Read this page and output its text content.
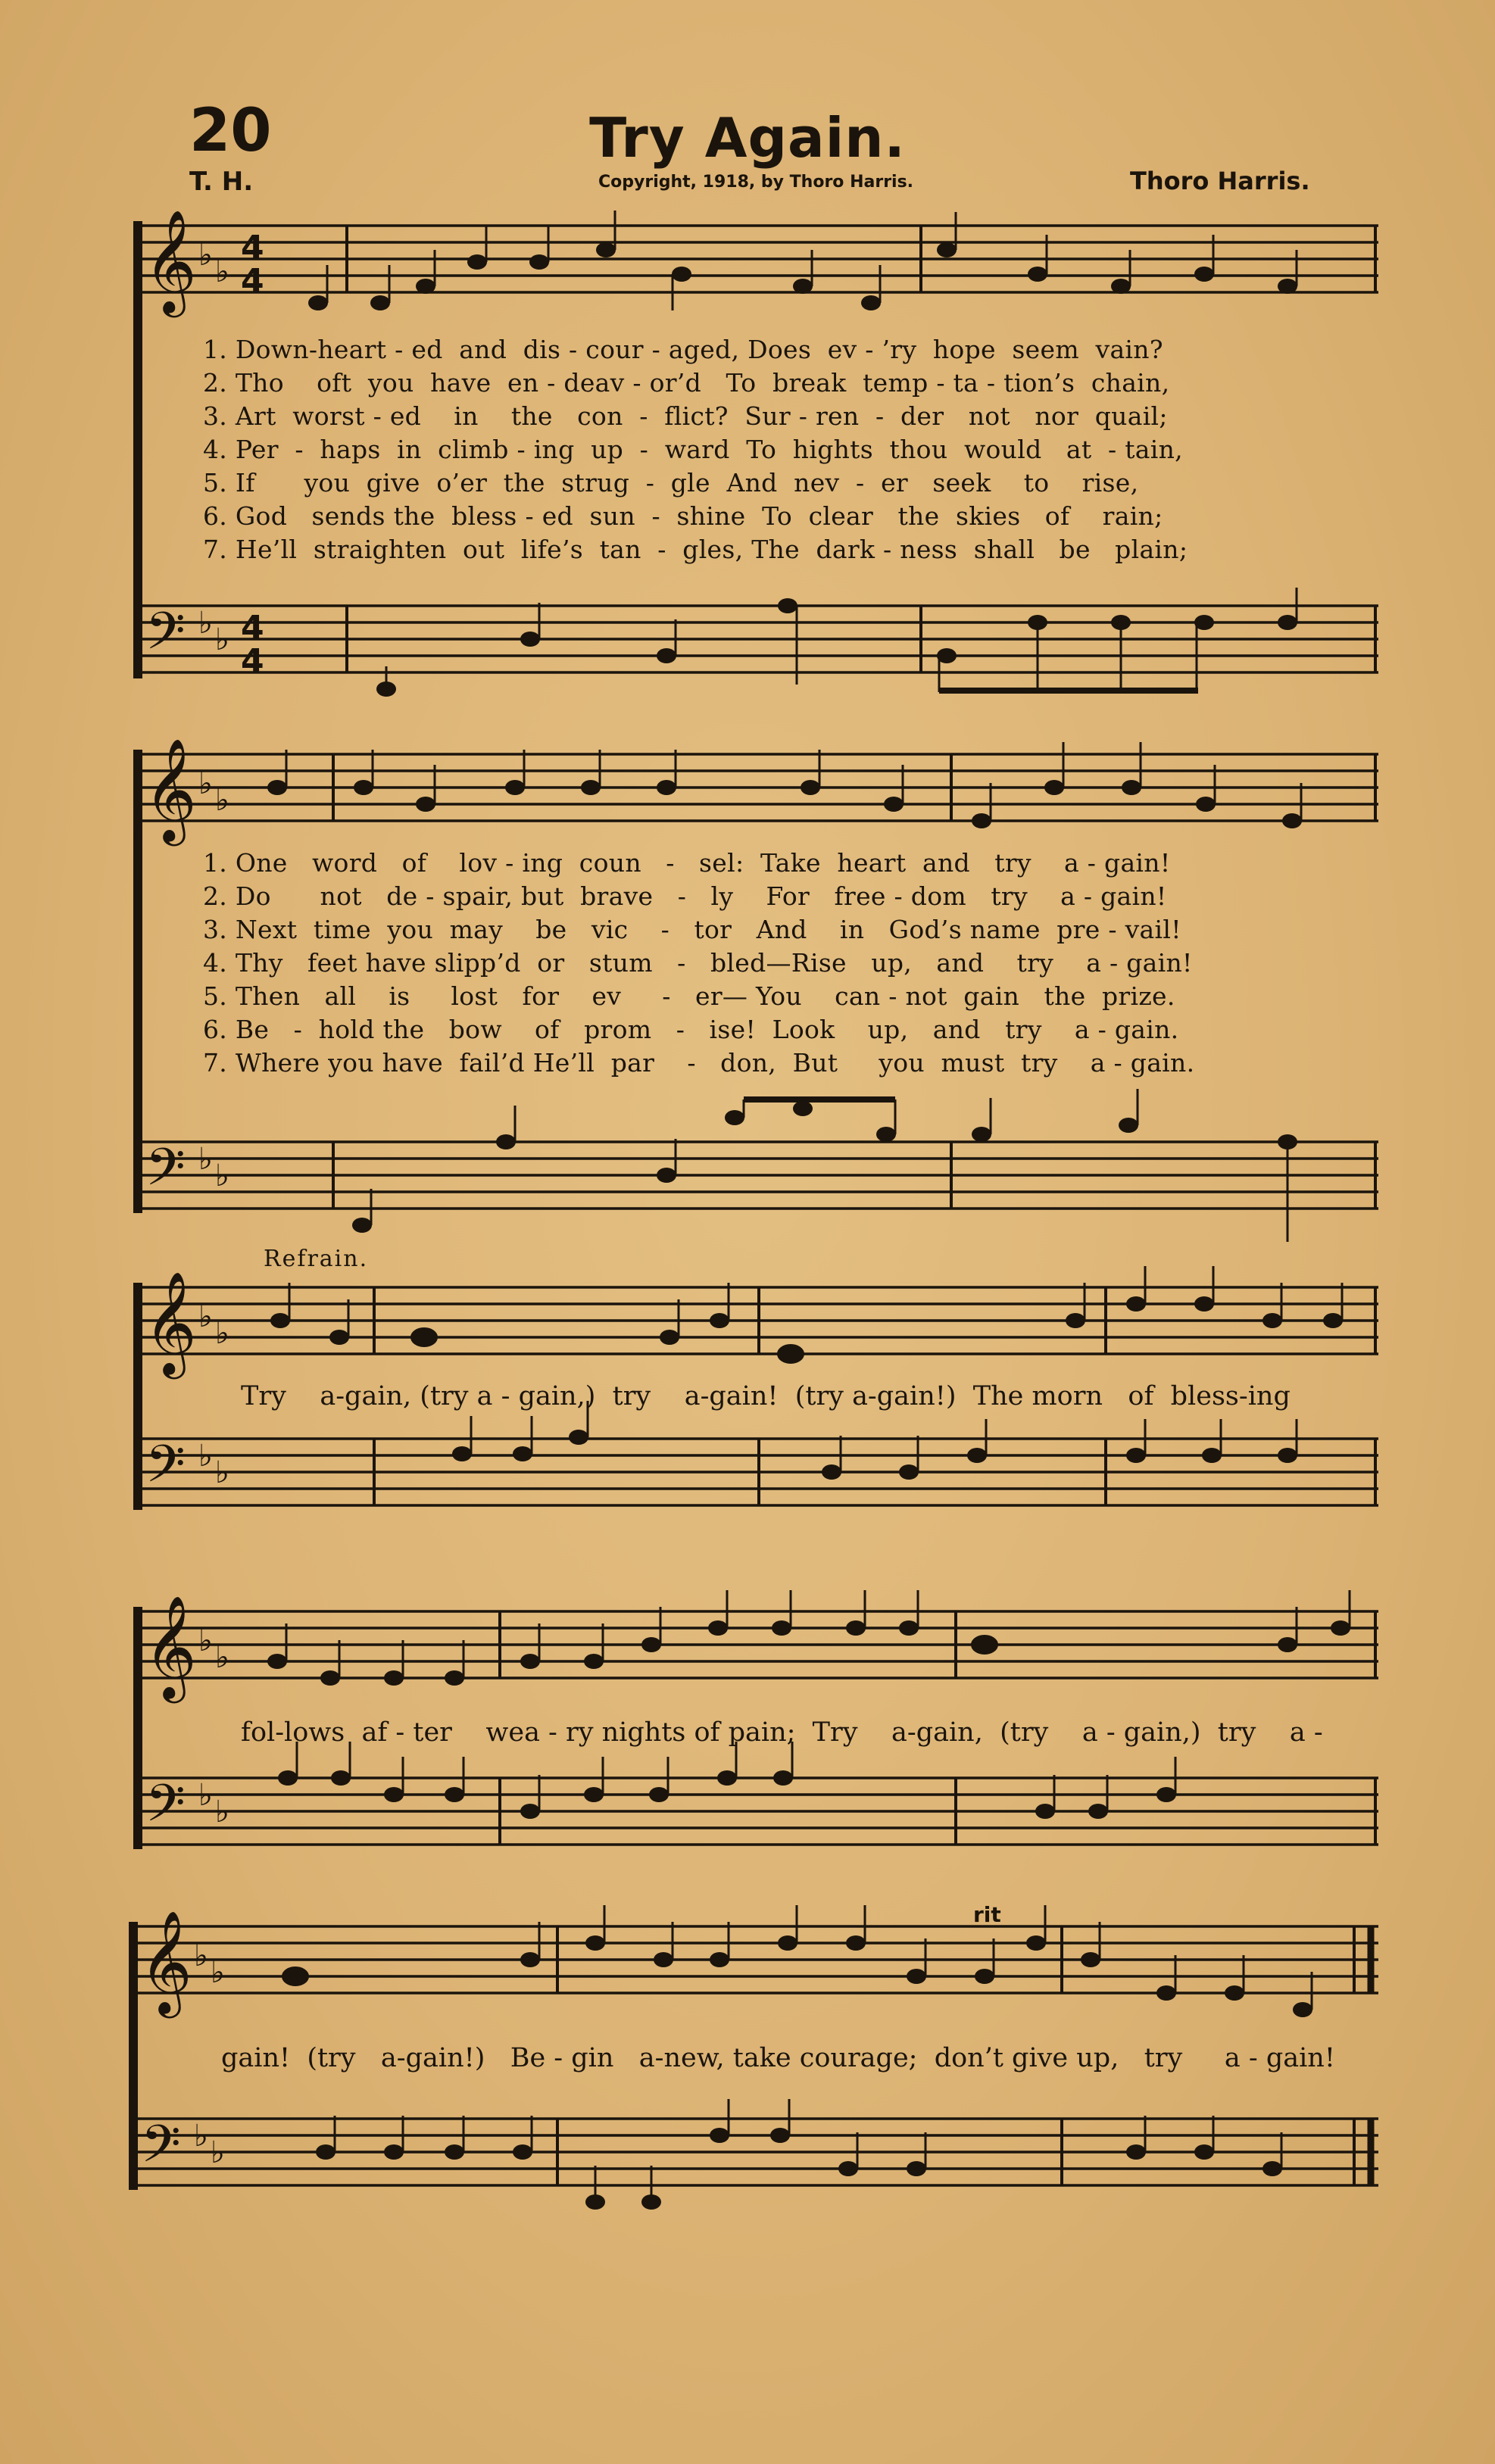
20	Try Again.
T. H.	Copyright, 1918, by Thoro Harris.	Thoro Harris.
𝄞
𝄢
♭ ♭
♭ ♭
4
4
4
4
𝄞
𝄢
♭ ♭
♭ ♭
𝄞
𝄢
♭ ♭
♭ ♭
𝄞
𝄢
♭ ♭
♭ ♭
𝄞
𝄢
♭ ♭
♭ ♭
1. Down-heart - ed  and  dis - cour - aged, Does  ev - ’ry  hope  seem  vain?
2. Tho    oft  you  have  en - deav - or’d   To  break  temp - ta - tion’s  chain,
3. Art  worst - ed    in    the   con  -  flict?  Sur - ren  -  der   not   nor  quail;
4. Per  -  haps  in  climb - ing  up  -  ward  To  hights  thou  would   at  - tain,
5. If      you  give  o’er  the  strug  -  gle  And  nev  -  er   seek    to    rise,
6. God   sends the  bless - ed  sun  -  shine  To  clear   the  skies   of    rain;
7. He’ll  straighten  out  life’s  tan  -  gles, The  dark - ness  shall   be   plain;
1. One   word   of    lov - ing  coun   -   sel:  Take  heart  and   try    a - gain!
2. Do      not   de - spair, but  brave   -   ly    For   free - dom   try    a - gain!
3. Next  time  you  may    be   vic    -   tor   And    in   God’s name  pre - vail!
4. Thy   feet have slipp’d  or   stum   -   bled—Rise   up,   and    try    a - gain!
5. Then   all    is     lost   for    ev     -   er— You    can - not  gain   the  prize.
6. Be   -  hold the   bow    of   prom   -   ise!  Look    up,   and   try    a - gain.
7. Where you have  fail’d He’ll  par    -   don,  But     you  must  try    a - gain.
Refrain.
Try    a-gain, (try a - gain,)  try    a-gain!  (try a-gain!)  The morn   of  bless-ing
fol-lows  af - ter    wea - ry nights of pain;  Try    a-gain,  (try    a - gain,)  try    a -
rit
gain!  (try   a-gain!)   Be - gin   a-new, take courage;  don’t give up,   try     a - gain!
